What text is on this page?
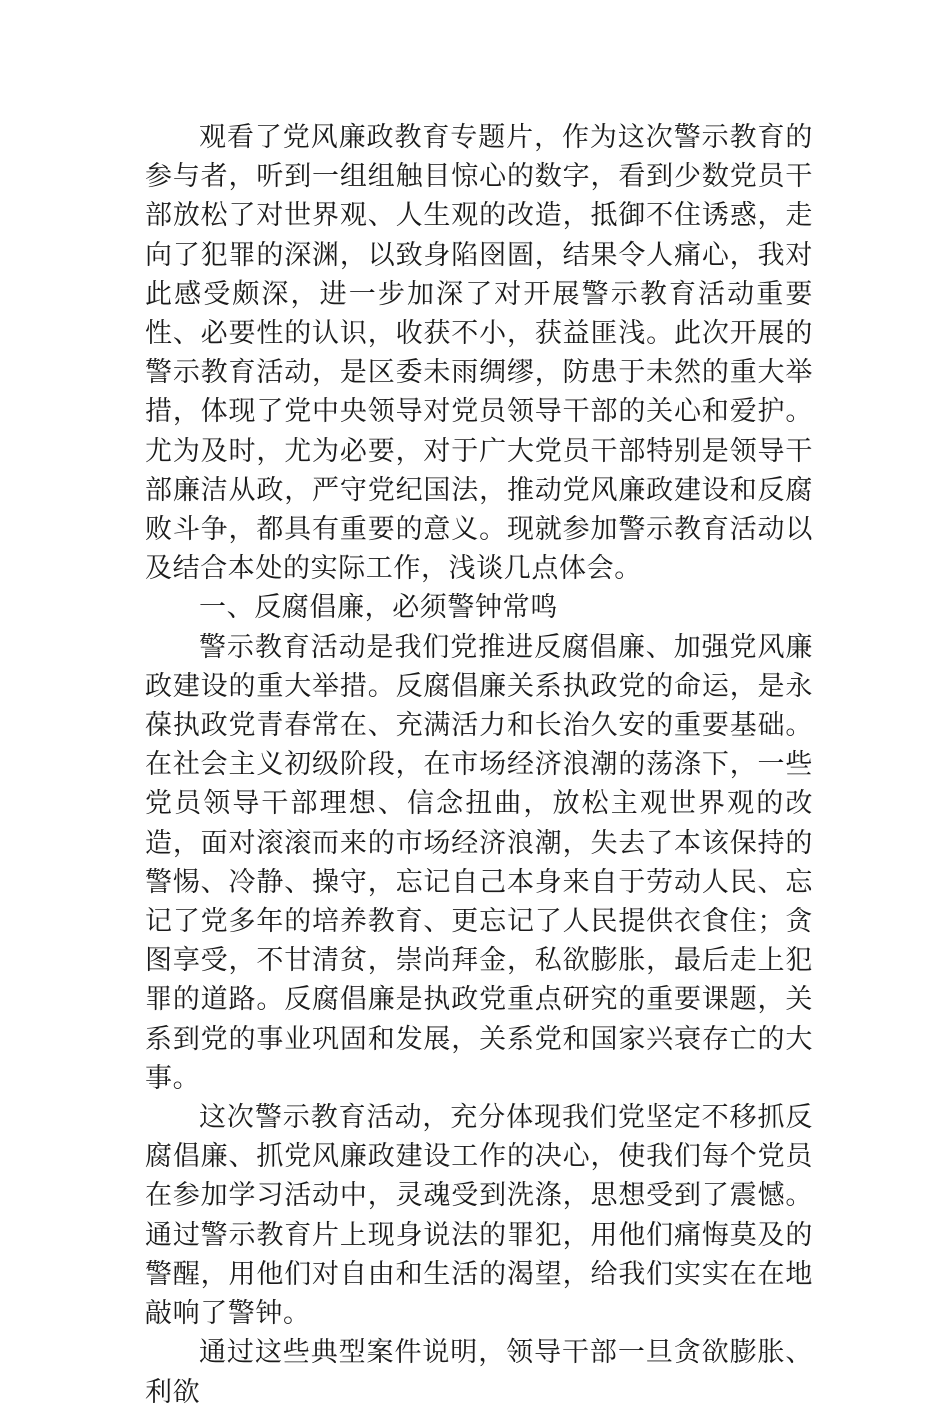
观看了党风廉政教育专题片，作为这次警示教育的参与者，听到一组组触目惊心的数字，看到少数党员干部放松了对世界观、人生观的改造，抵御不住诱惑，走向了犯罪的深渊，以致身陷囹圄，结果令人痛心，我对此感受颇深，进一步加深了对开展警示教育活动重要性、必要性的认识，收获不小，获益匪浅。此次开展的警示教育活动，是区委未雨绸缪，防患于未然的重大举措，体现了党中央领导对党员领导干部的关心和爱护。尤为及时，尤为必要，对于广大党员干部特别是领导干部廉洁从政，严守党纪国法，推动党风廉政建设和反腐败斗争，都具有重要的意义。现就参加警示教育活动以及结合本处的实际工作，浅谈几点体会。

一、反腐倡廉，必须警钟常鸣

警示教育活动是我们党推进反腐倡廉、加强党风廉政建设的重大举措。反腐倡廉关系执政党的命运，是永葆执政党青春常在、充满活力和长治久安的重要基础。在社会主义初级阶段，在市场经济浪潮的荡涤下，一些党员领导干部理想、信念扭曲，放松主观世界观的改造，面对滚滚而来的市场经济浪潮，失去了本该保持的警惕、冷静、操守，忘记自己本身来自于劳动人民、忘记了党多年的培养教育、更忘记了人民提供衣食住；贪图享受，不甘清贫，崇尚拜金，私欲膨胀，最后走上犯罪的道路。反腐倡廉是执政党重点研究的重要课题，关系到党的事业巩固和发展，关系党和国家兴衰存亡的大事。

这次警示教育活动，充分体现我们党坚定不移抓反腐倡廉、抓党风廉政建设工作的决心，使我们每个党员在参加学习活动中，灵魂受到洗涤，思想受到了震憾。通过警示教育片上现身说法的罪犯，用他们痛悔莫及的警醒，用他们对自由和生活的渴望，给我们实实在在地敲响了警钟。

通过这些典型案件说明，领导干部一旦贪欲膨胀、利欲
